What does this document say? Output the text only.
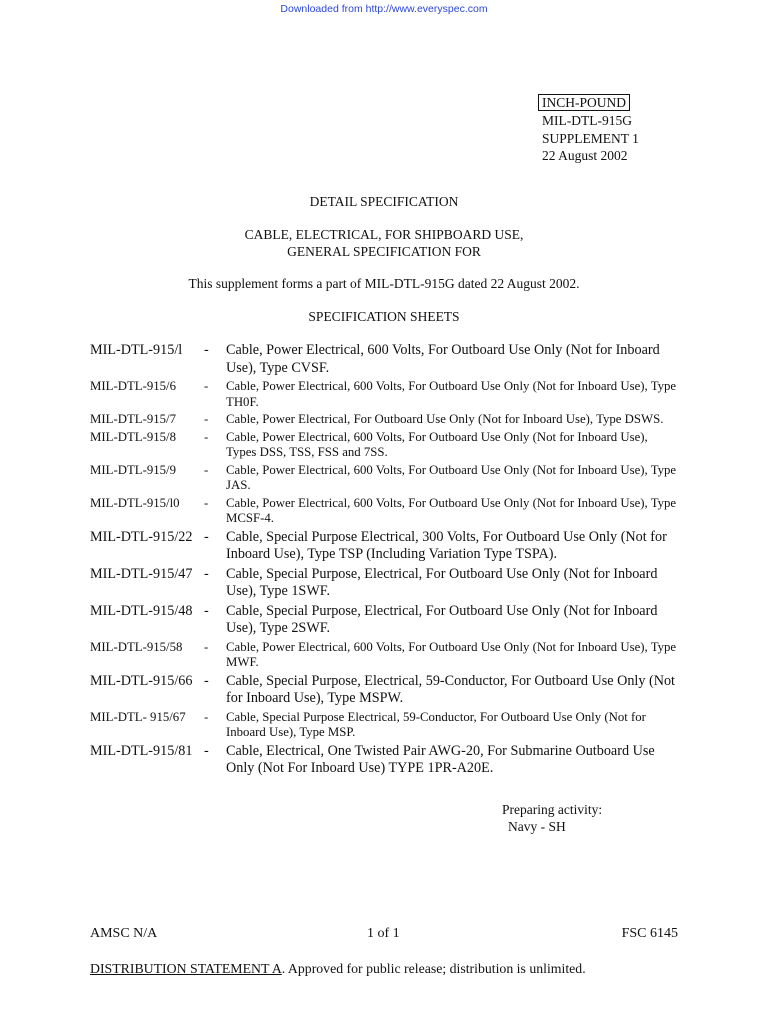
Downloaded from http://www.everyspec.com
INCH-POUND
MIL-DTL-915G
SUPPLEMENT 1
22 August 2002
DETAIL SPECIFICATION
CABLE, ELECTRICAL, FOR SHIPBOARD USE,
GENERAL SPECIFICATION FOR
This supplement forms a part of MIL-DTL-915G dated 22 August 2002.
SPECIFICATION SHEETS
MIL-DTL-915/l - Cable, Power Electrical, 600 Volts, For Outboard Use Only (Not for Inboard Use), Type CVSF.
MIL-DTL-915/6 - Cable, Power Electrical, 600 Volts, For Outboard Use Only (Not for Inboard Use), Type TH0F.
MIL-DTL-915/7 - Cable, Power Electrical, For Outboard Use Only (Not for Inboard Use), Type DSWS.
MIL-DTL-915/8 - Cable, Power Electrical, 600 Volts, For Outboard Use Only (Not for Inboard Use), Types DSS, TSS, FSS and 7SS.
MIL-DTL-915/9 - Cable, Power Electrical, 600 Volts, For Outboard Use Only (Not for Inboard Use), Type JAS.
MIL-DTL-915/l0 - Cable, Power Electrical, 600 Volts, For Outboard Use Only (Not for Inboard Use), Type MCSF-4.
MIL-DTL-915/22 - Cable, Special Purpose Electrical, 300 Volts, For Outboard Use Only (Not for Inboard Use), Type TSP (Including Variation Type TSPA).
MIL-DTL-915/47 - Cable, Special Purpose, Electrical, For Outboard Use Only (Not for Inboard Use), Type 1SWF.
MIL-DTL-915/48 - Cable, Special Purpose, Electrical, For Outboard Use Only (Not for Inboard Use), Type 2SWF.
MIL-DTL-915/58 - Cable, Power Electrical, 600 Volts, For Outboard Use Only (Not for Inboard Use), Type MWF.
MIL-DTL-915/66 - Cable, Special Purpose, Electrical, 59-Conductor, For Outboard Use Only (Not for Inboard Use), Type MSPW.
MIL-DTL- 915/67 - Cable, Special Purpose Electrical, 59-Conductor, For Outboard Use Only (Not for Inboard Use), Type MSP.
MIL-DTL-915/81 - Cable, Electrical, One Twisted Pair AWG-20, For Submarine Outboard Use Only (Not For Inboard Use) TYPE 1PR-A20E.
Preparing activity:
Navy - SH
AMSC N/A	1 of 1	FSC 6145
DISTRIBUTION STATEMENT A. Approved for public release; distribution is unlimited.
